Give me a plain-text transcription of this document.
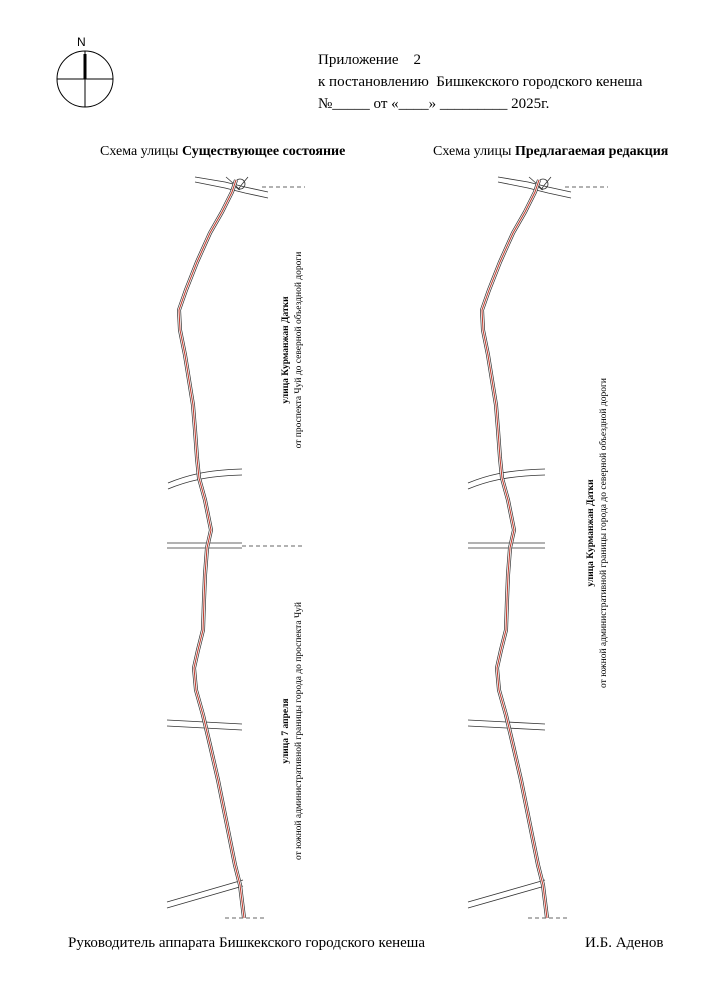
N
Приложение    2
к постановлению  Бишкекского городского кенеша
№_____ от «____» _________ 2025г.
Схема улицы Существующее состояние	Схема улицы Предлагаемая редакция
улица Курманжан Датки от проспекта Чуй до северной объездной дороги
улица 7 апреля от южной административной границы города до проспекта Чуй
улица Курманжан Датки от южной административной границы города до северной объездной дороги
Руководитель аппарата Бишкекского городского кенеша	И.Б. Аденов
